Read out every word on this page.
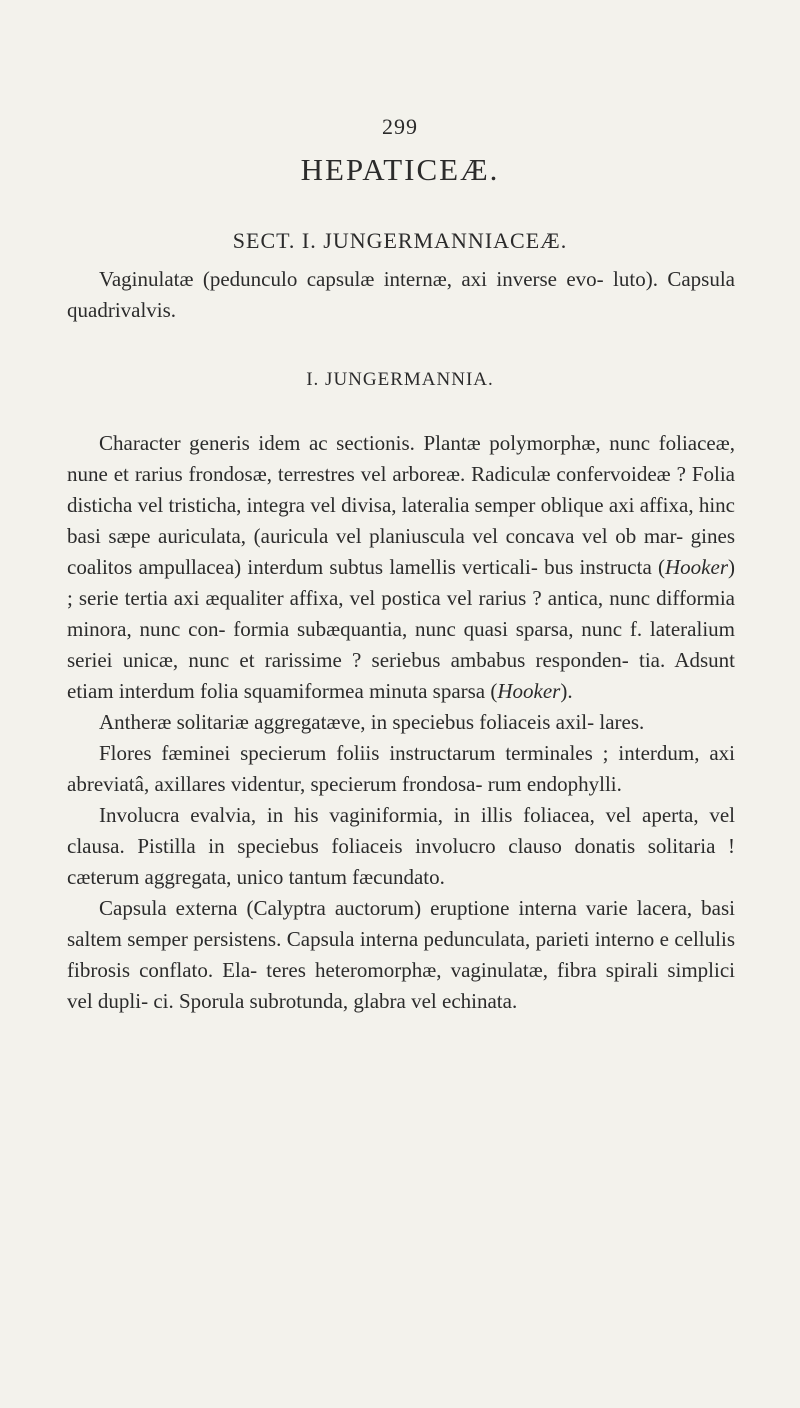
299
HEPATICEÆ.
SECT. I. JUNGERMANNIACEÆ.
Vaginulatæ (pedunculo capsulæ internæ, axi inverse evo- luto). Capsula quadrivalvis.
I. JUNGERMANNIA.

Character generis idem ac sectionis. Plantæ polymorphæ, nunc foliaceæ, nune et rarius frondosæ, terrestres vel arboreæ. Radiculæ confervoideæ ? Folia disticha vel tristicha, integra vel divisa, lateralia semper oblique axi affixa, hinc basi sæpe auriculata, (auricula vel planiuscula vel concava vel ob mar- gines coalitos ampullacea) interdum subtus lamellis verticali- bus instructa (Hooker) ; serie tertia axi æqualiter affixa, vel postica vel rarius ? antica, nunc difformia minora, nunc con- formia subæquantia, nunc quasi sparsa, nunc f. lateralium seriei unicæ, nunc et rarissime ? seriebus ambabus responden- tia. Adsunt etiam interdum folia squamiformea minuta sparsa (Hooker).

Antheræ solitariæ aggregatæve, in speciebus foliaceis axil- lares.

Flores fæminei specierum foliis instructarum terminales ; interdum, axi abreviatâ, axillares videntur, specierum frondosa- rum endophylli.

Involucra evalvia, in his vaginiformia, in illis foliacea, vel aperta, vel clausa. Pistilla in speciebus foliaceis involucro clauso donatis solitaria ! cæterum aggregata, unico tantum fæcundato.

Capsula externa (Calyptra auctorum) eruptione interna varie lacera, basi saltem semper persistens. Capsula interna pedunculata, parieti interno e cellulis fibrosis conflato. Ela- teres heteromorphæ, vaginulatæ, fibra spirali simplici vel dupli- ci. Sporula subrotunda, glabra vel echinata.
